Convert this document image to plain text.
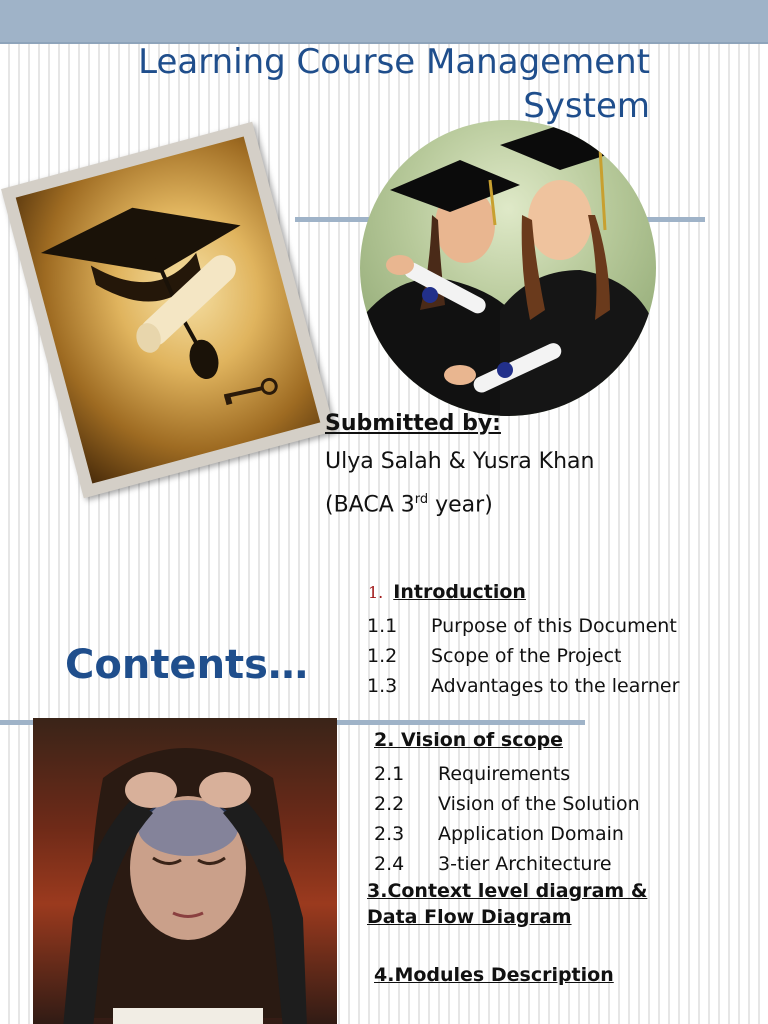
Learning Course Management System
Submitted by:
Ulya Salah & Yusra Khan
(BACA 3rd year)
Contents…
1. Introduction
1.1	Purpose of this Document
1.2	Scope of the Project
1.3	Advantages to the learner
2. Vision of scope
2.1	Requirements
2.2	Vision of the Solution
2.3	Application Domain
2.4	3-tier Architecture
3.Context level diagram &
Data Flow Diagram
4.Modules Description
